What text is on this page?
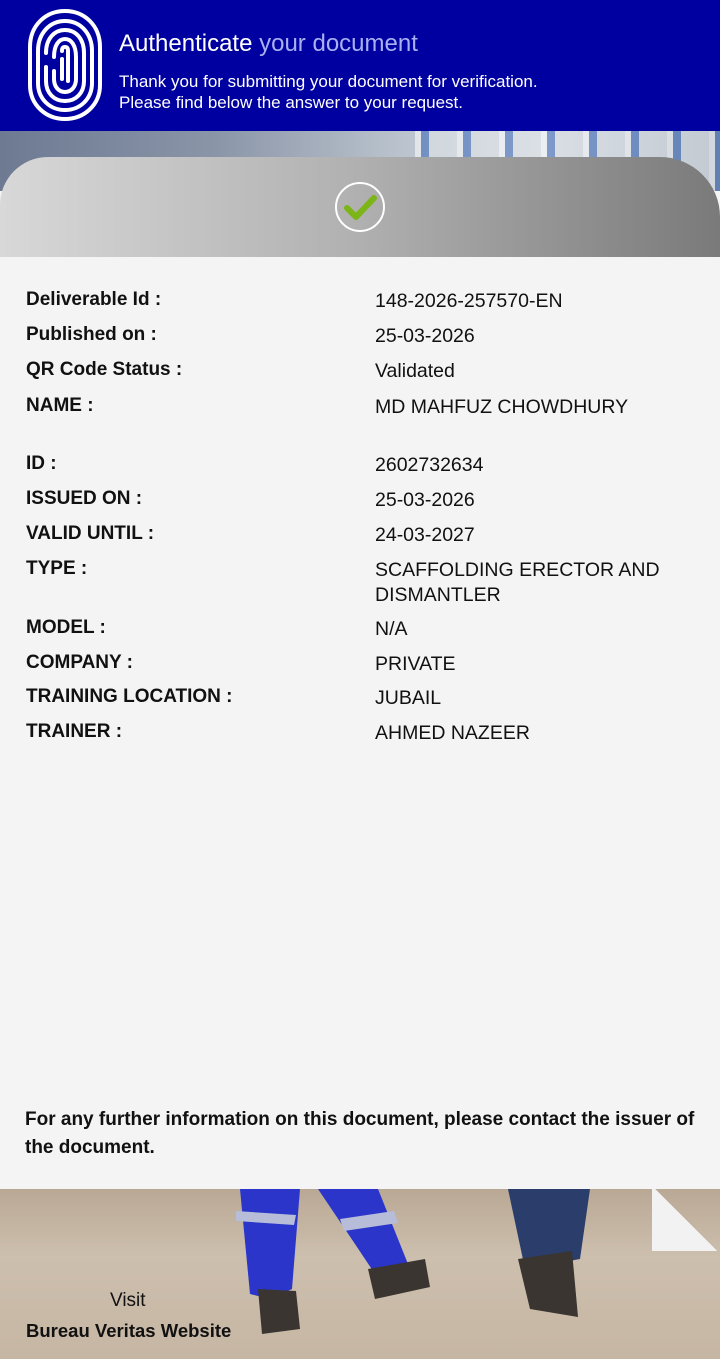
Authenticate your document
Thank you for submitting your document for verification.
Please find below the answer to your request.
Deliverable Id :	148-2026-257570-EN
Published on :	25-03-2026
QR Code Status :	Validated
NAME :	MD MAHFUZ CHOWDHURY
ID :	2602732634
ISSUED ON :	25-03-2026
VALID UNTIL :	24-03-2027
TYPE :	SCAFFOLDING ERECTOR AND DISMANTLER
MODEL :	N/A
COMPANY :	PRIVATE
TRAINING LOCATION :	JUBAIL
TRAINER :	AHMED NAZEER
For any further information on this document, please contact the issuer of the document.
Visit
Bureau Veritas Website
